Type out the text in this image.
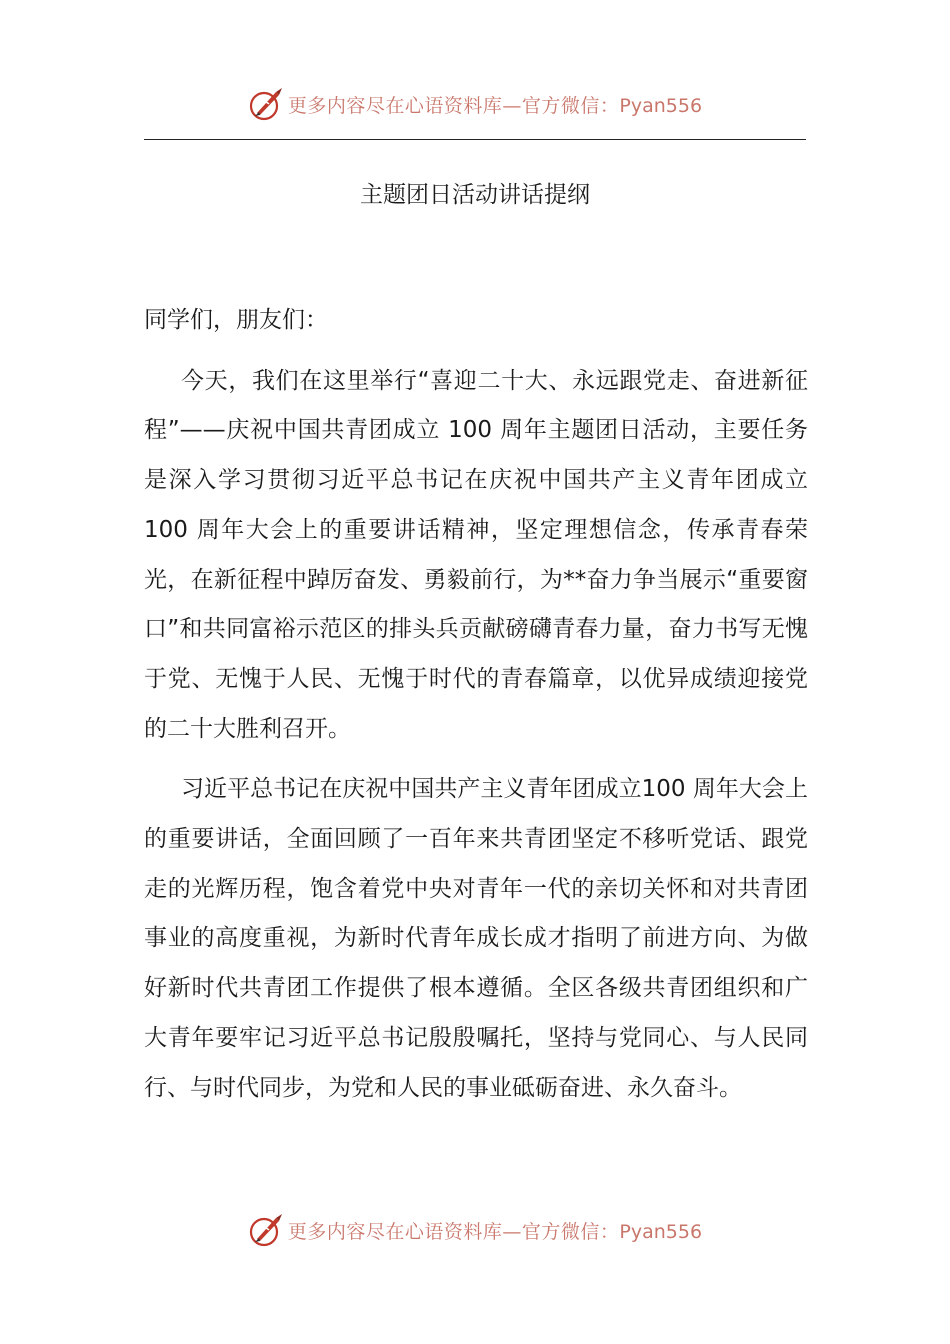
更多内容尽在心语资料库—官方微信：Pyan556
主题团日活动讲话提纲

同学们，朋友们：

今天，我们在这里举行“喜迎二十大、永远跟党走、奋进新征程”——庆祝中国共青团成立 100 周年主题团日活动，主要任务是深入学习贯彻习近平总书记在庆祝中国共产主义青年团成立 100 周年大会上的重要讲话精神，坚定理想信念，传承青春荣光，在新征程中踔厉奋发、勇毅前行，为**奋力争当展示“重要窗口”和共同富裕示范区的排头兵贡献磅礴青春力量，奋力书写无愧于党、无愧于人民、无愧于时代的青春篇章，以优异成绩迎接党的二十大胜利召开。

习近平总书记在庆祝中国共产主义青年团成立100 周年大会上的重要讲话，全面回顾了一百年来共青团坚定不移听党话、跟党走的光辉历程，饱含着党中央对青年一代的亲切关怀和对共青团事业的高度重视，为新时代青年成长成才指明了前进方向、为做好新时代共青团工作提供了根本遵循。全区各级共青团组织和广大青年要牢记习近平总书记殷殷嘱托，坚持与党同心、与人民同行、与时代同步，为党和人民的事业砥砺奋进、永久奋斗。

更多内容尽在心语资料库—官方微信：Pyan556
